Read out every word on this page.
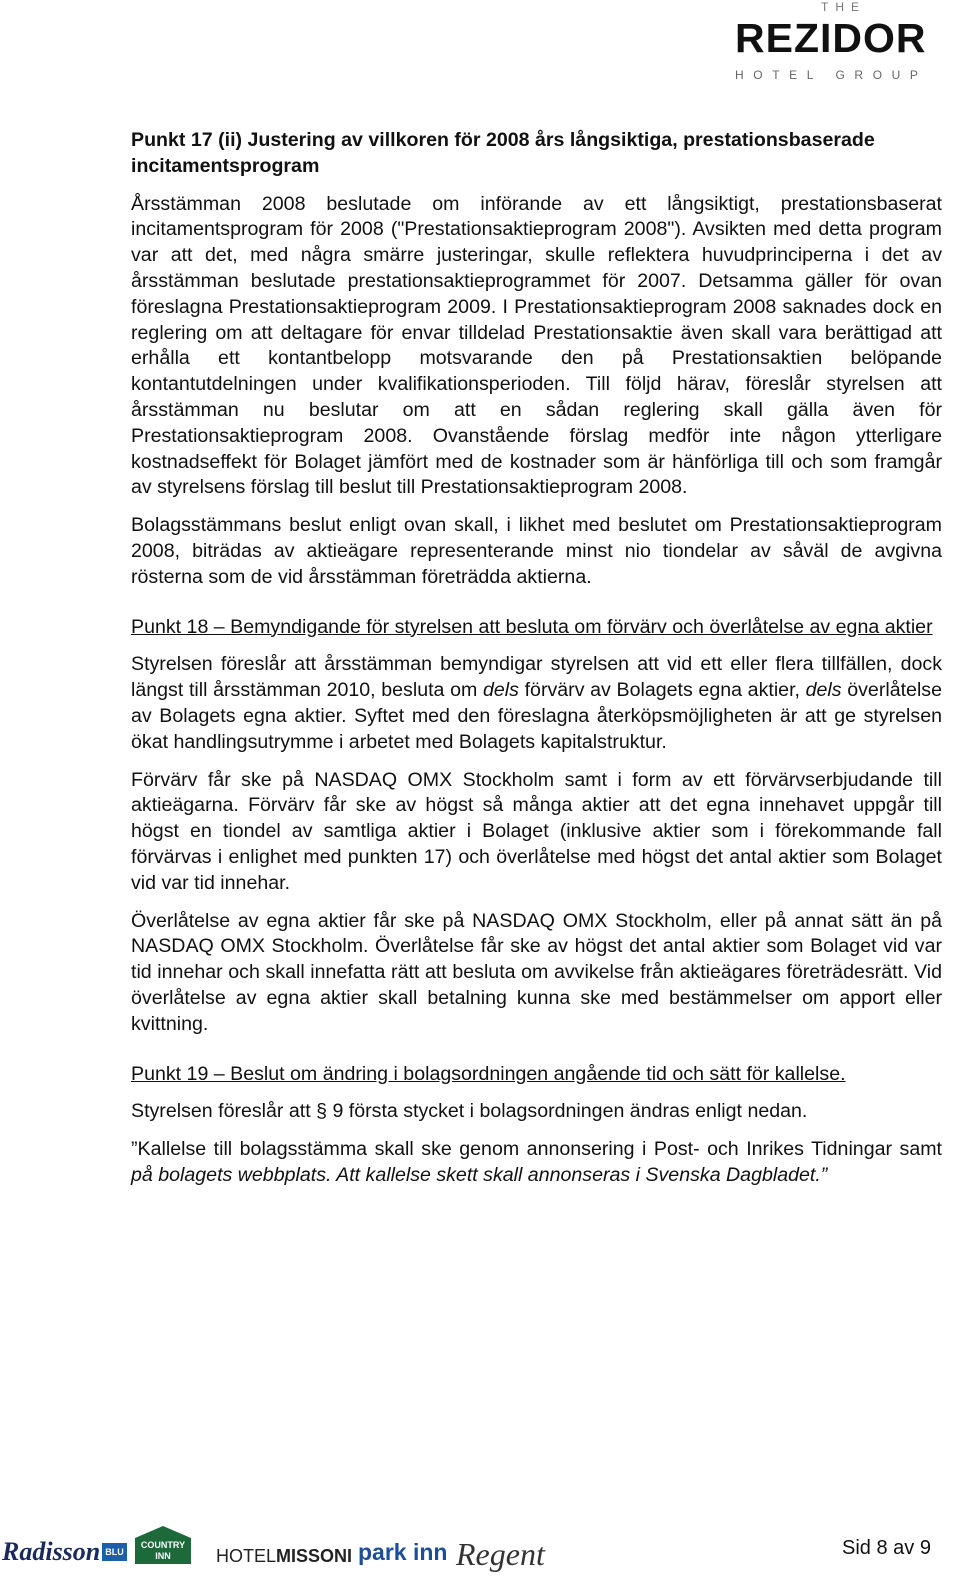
THE
REZIDOR
HOTEL GROUP

Punkt 17 (ii) Justering av villkoren för 2008 års långsiktiga, prestationsbaserade incitamentsprogram

Årsstämman 2008 beslutade om införande av ett långsiktigt, prestationsbaserat incitamentsprogram för 2008 ("Prestationsaktieprogram 2008"). Avsikten med detta program var att det, med några smärre justeringar, skulle reflektera huvudprinciperna i det av årsstämman beslutade prestationsaktieprogrammet för 2007. Detsamma gäller för ovan föreslagna Prestationsaktieprogram 2009. I Prestationsaktieprogram 2008 saknades dock en reglering om att deltagare för envar tilldelad Prestationsaktie även skall vara berättigad att erhålla ett kontantbelopp motsvarande den på Prestationsaktien belöpande kontantutdelningen under kvalifikationsperioden. Till följd härav, föreslår styrelsen att årsstämman nu beslutar om att en sådan reglering skall gälla även för Prestationsaktieprogram 2008. Ovanstående förslag medför inte någon ytterligare kostnadseffekt för Bolaget jämfört med de kostnader som är hänförliga till och som framgår av styrelsens förslag till beslut till Prestationsaktieprogram 2008.

Bolagsstämmans beslut enligt ovan skall, i likhet med beslutet om Prestationsaktieprogram 2008, biträdas av aktieägare representerande minst nio tiondelar av såväl de avgivna rösterna som de vid årsstämman företrädda aktierna.

Punkt 18 – Bemyndigande för styrelsen att besluta om förvärv och överlåtelse av egna aktier

Styrelsen föreslår att årsstämman bemyndigar styrelsen att vid ett eller flera tillfällen, dock längst till årsstämman 2010, besluta om dels förvärv av Bolagets egna aktier, dels överlåtelse av Bolagets egna aktier. Syftet med den föreslagna återköpsmöjligheten är att ge styrelsen ökat handlingsutrymme i arbetet med Bolagets kapitalstruktur.

Förvärv får ske på NASDAQ OMX Stockholm samt i form av ett förvärvserbjudande till aktieägarna. Förvärv får ske av högst så många aktier att det egna innehavet uppgår till högst en tiondel av samtliga aktier i Bolaget (inklusive aktier som i förekommande fall förvärvas i enlighet med punkten 17) och överlåtelse med högst det antal aktier som Bolaget vid var tid innehar.

Överlåtelse av egna aktier får ske på NASDAQ OMX Stockholm, eller på annat sätt än på NASDAQ OMX Stockholm. Överlåtelse får ske av högst det antal aktier som Bolaget vid var tid innehar och skall innefatta rätt att besluta om avvikelse från aktieägares företrädesrätt. Vid överlåtelse av egna aktier skall betalning kunna ske med bestämmelser om apport eller kvittning.

Punkt 19 – Beslut om ändring i bolagsordningen angående tid och sätt för kallelse.

Styrelsen föreslår att § 9 första stycket i bolagsordningen ändras enligt nedan.

”Kallelse till bolagsstämma skall ske genom annonsering i Post- och Inrikes Tidningar samt på bolagets webbplats. Att kallelse skett skall annonseras i Svenska Dagbladet.”

Radisson BLU
COUNTRY
INN	HOTEL MISSONI park inn Regent	Sid 8 av 9
